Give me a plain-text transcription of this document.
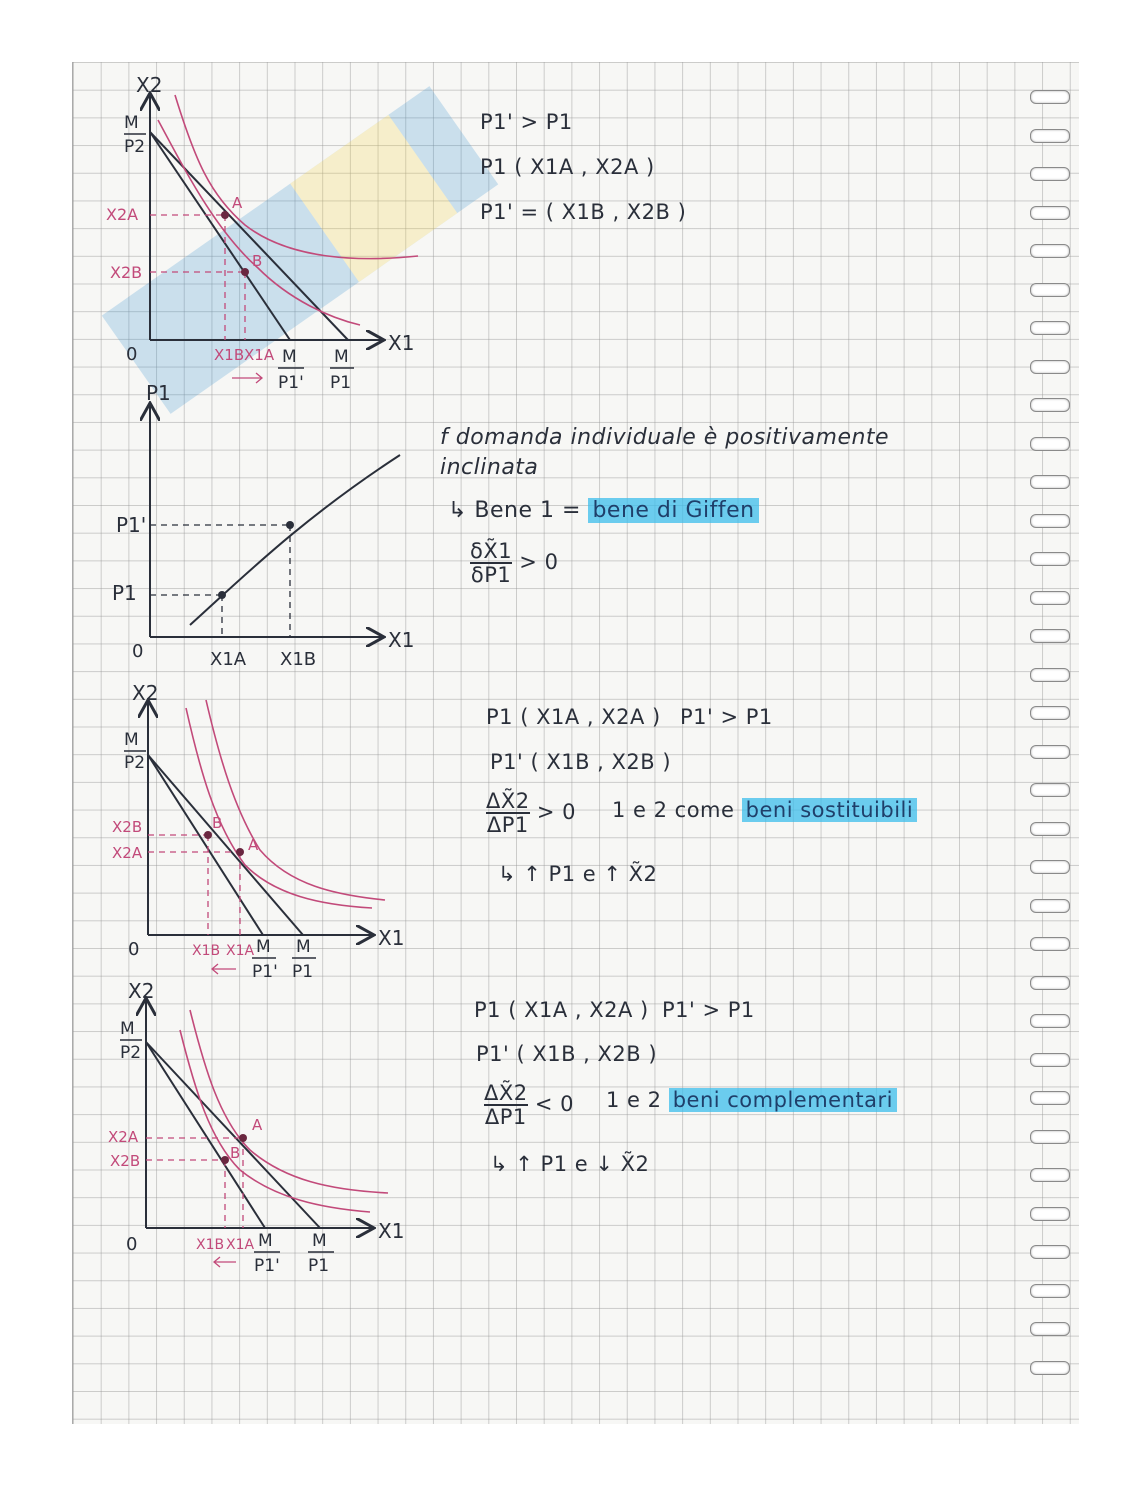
X2
X1
0
M
P2
M
P1'
M
P1
A
B
X2A
X2B
X1B X1A
P1
X1
0
P1'
P1
X1A X1B
X2
X1
0
M
P2
M
P1'
M
P1
B
A
X2B
X2A
X1B X1A
X2
X1
0
M
P2
M
P1'
M
P1
A
B
X2A
X2B
X1B X1A
P1' > P1
P1 ( X1A , X2A )
P1' = ( X1B , X2B )
f domanda individuale è positivamente
inclinata
↳ Bene 1 = bene di Giffen
$\frac{\delta X̃1}{\delta P1} > 0$
P1 ( X1A , X2A ) P1' > P1
P1' ( X1B , X2B )
$\frac{\Delta X̃2}{\Delta P1} > 0$ 1 e 2 come beni sostituibili
↳ ↑ P1 e ↑ X̃2
P1 ( X1A , X2A ) P1' > P1
P1' ( X1B , X2B )
$\frac{\Delta X̃2}{\Delta P1} < 0$ 1 e 2 beni complementari
↳ ↑ P1 e ↓ X̃2
